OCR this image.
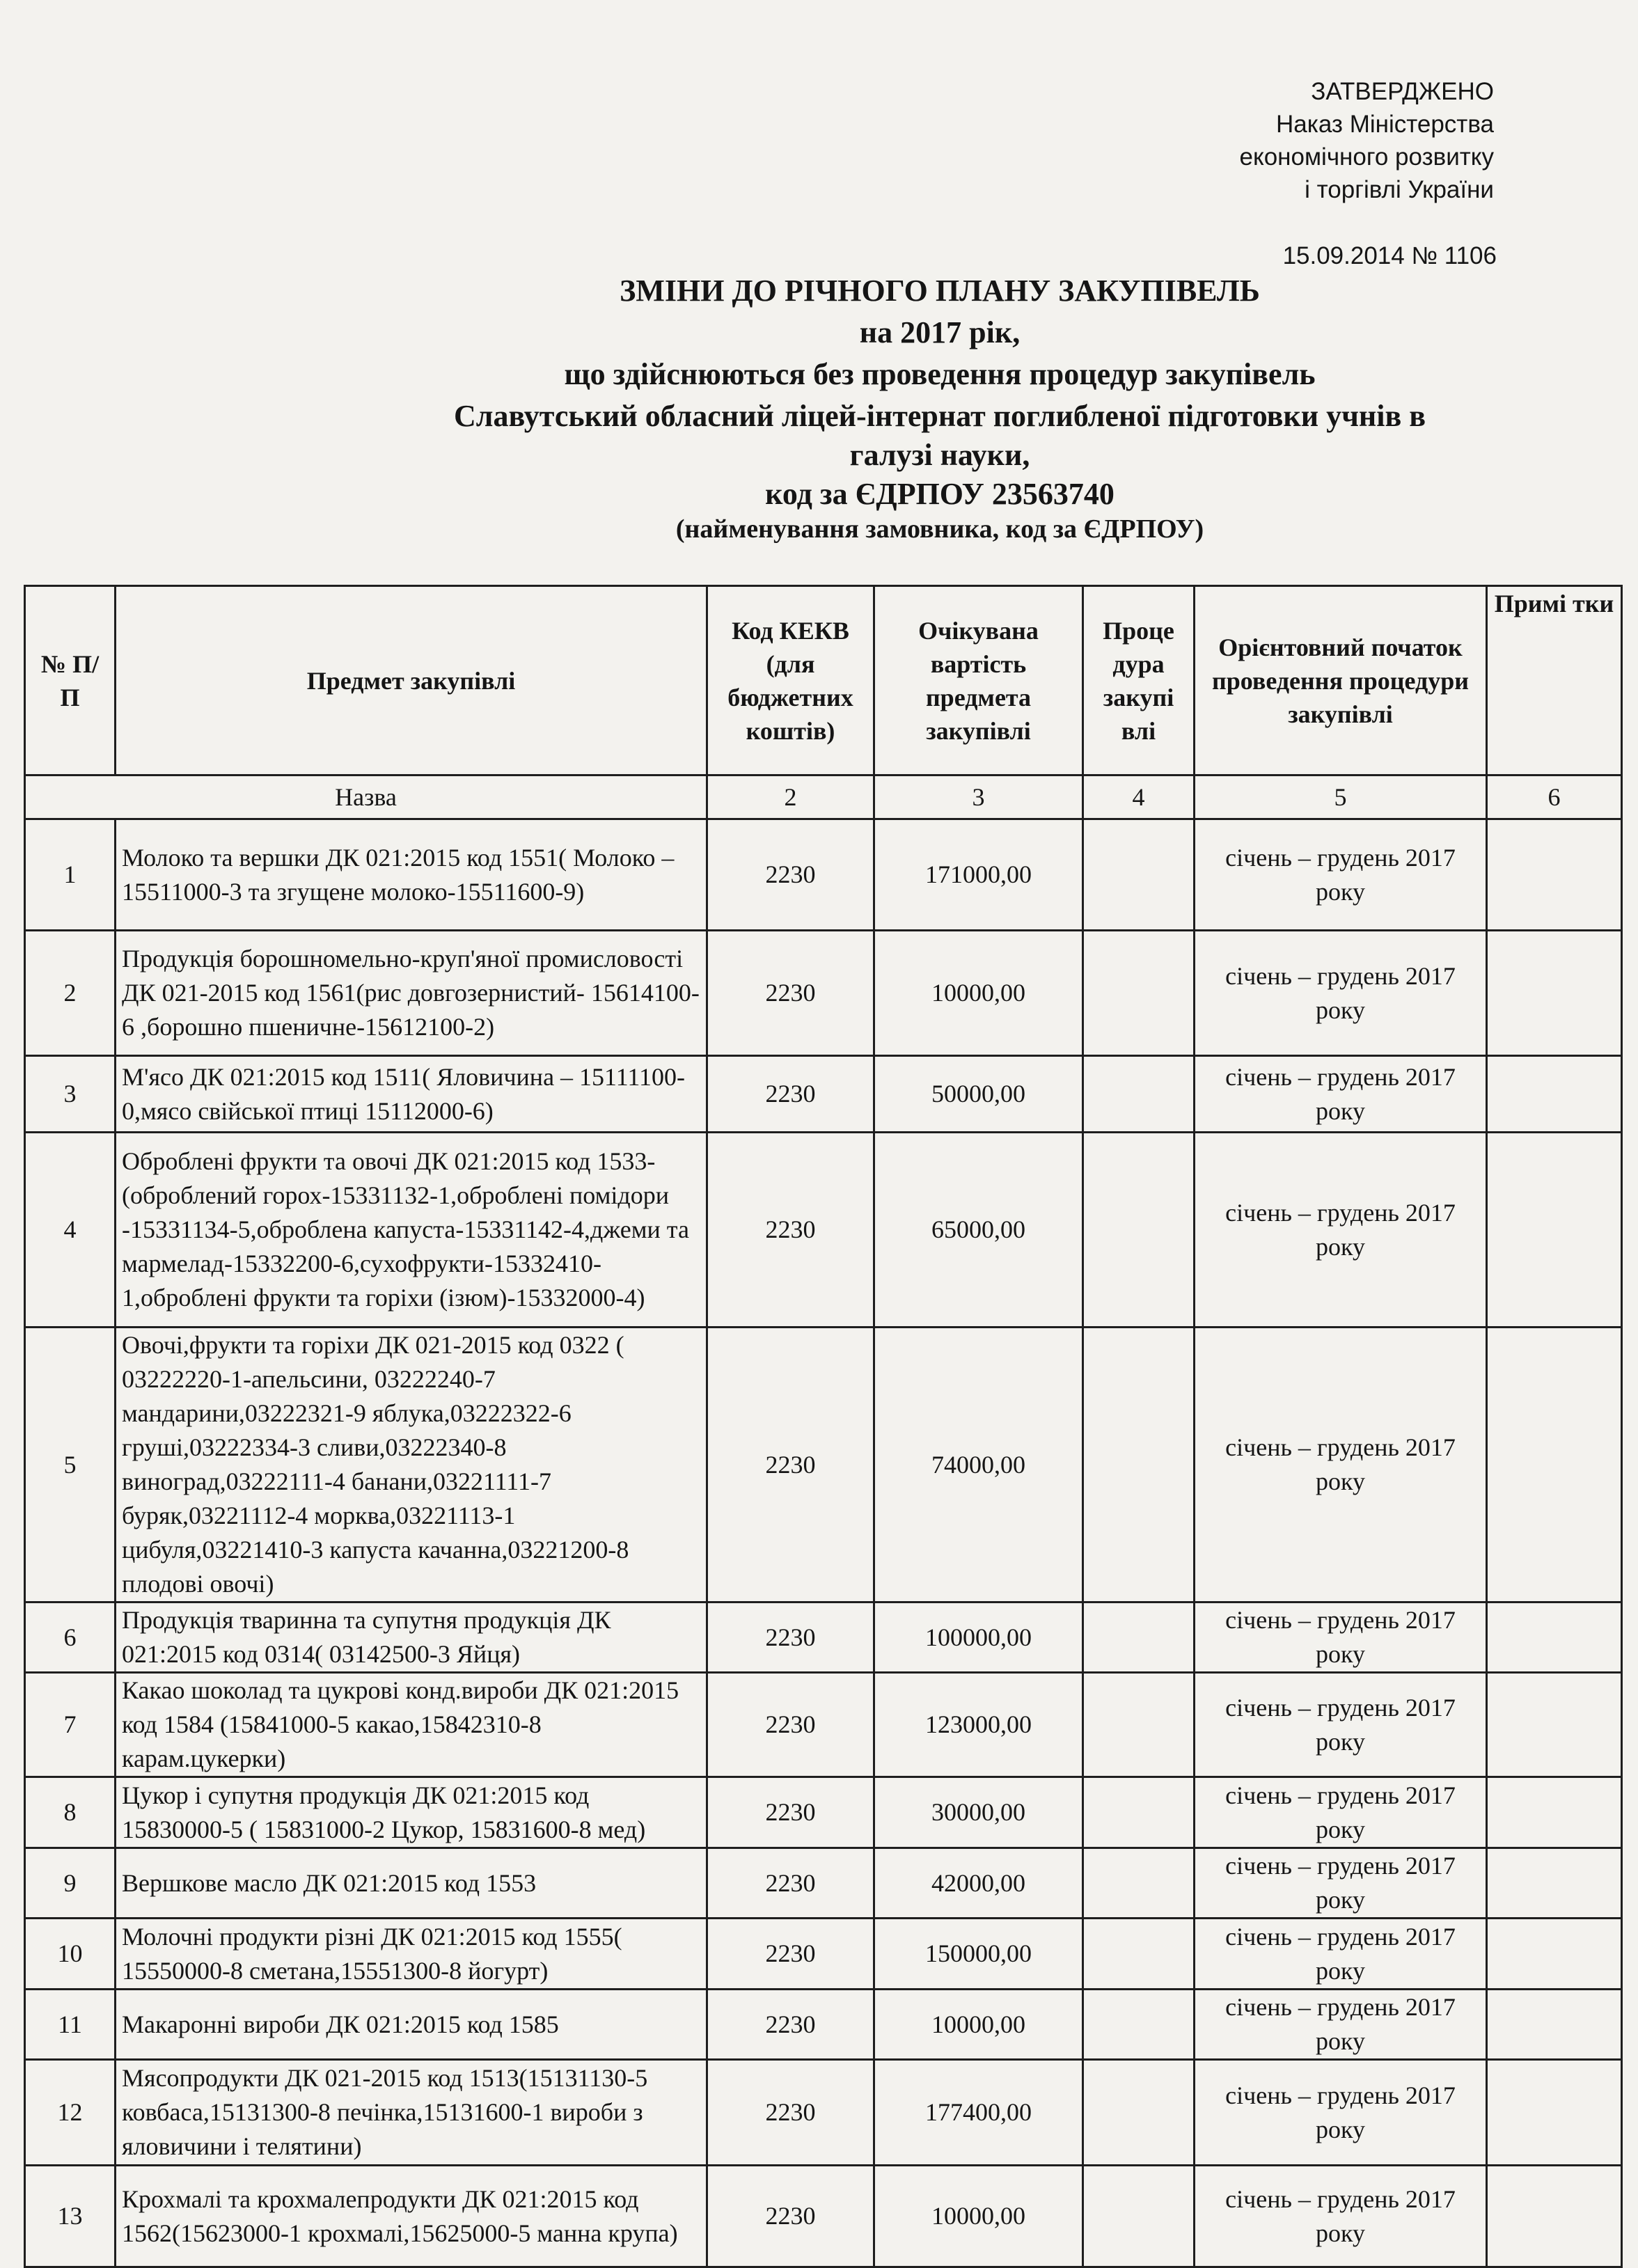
ЗАТВЕРДЖЕНО
Наказ Міністерства
економічного розвитку
і торгівлі України
15.09.2014 № 1106
ЗМІНИ ДО РІЧНОГО ПЛАНУ ЗАКУПІВЕЛЬ
на 2017 рік,
що здійснюються без проведення процедур закупівель
Славутський обласний ліцей-інтернат поглибленої підготовки учнів в
галузі науки,
код за ЄДРПОУ 23563740
(найменування замовника, код за ЄДРПОУ)
№ П/П	Предмет закупівлі	Код КЕКВ (для бюджетних коштів)	Очікувана вартість предмета закупівлі	Проце дура закупі влі	Орієнтовний початок проведення процедури закупівлі	Примі тки
Назва		2	3	4	5	6
1	Молоко та вершки ДК 021:2015 код 1551( Молоко – 15511000-3 та згущене молоко-15511600-9)	2230	171000,00		січень – грудень 2017 року	
2	Продукція борошномельно-круп'яної промисловості ДК 021-2015 код 1561(рис довгозернистий- 15614100-6 ,борошно пшеничне-15612100-2)	2230	10000,00		січень – грудень 2017 року	
3	М'ясо ДК 021:2015 код 1511( Яловичина – 15111100-0,мясо свійської птиці 15112000-6)	2230	50000,00		січень – грудень 2017 року	
4	Оброблені фрукти та овочі ДК 021:2015 код 1533-(оброблений горох-15331132-1,оброблені помідори -15331134-5,оброблена капуста-15331142-4,джеми та мармелад-15332200-6,сухофрукти-15332410-1,оброблені фрукти та горіхи (ізюм)-15332000-4)	2230	65000,00		січень – грудень 2017 року	
5	Овочі,фрукти та горіхи ДК 021-2015 код 0322 ( 03222220-1-апельсини, 03222240-7 мандарини,03222321-9 яблука,03222322-6 груші,03222334-3 сливи,03222340-8 виноград,03222111-4 банани,03221111-7 буряк,03221112-4 морква,03221113-1 цибуля,03221410-3 капуста качанна,03221200-8 плодові овочі)	2230	74000,00		січень – грудень 2017 року	
6	Продукція тваринна та супутня продукція ДК 021:2015 код 0314( 03142500-3 Яйця)	2230	100000,00		січень – грудень 2017 року	
7	Какао шоколад та цукрові конд.вироби ДК 021:2015 код 1584 (15841000-5 какао,15842310-8 карам.цукерки)	2230	123000,00		січень – грудень 2017 року	
8	Цукор і супутня продукція ДК 021:2015 код 15830000-5 ( 15831000-2 Цукор, 15831600-8 мед)	2230	30000,00		січень – грудень 2017 року	
9	Вершкове масло ДК 021:2015 код 1553	2230	42000,00		січень – грудень 2017 року	
10	Молочні продукти різні ДК 021:2015 код 1555( 15550000-8 сметана,15551300-8 йогурт)	2230	150000,00		січень – грудень 2017 року	
11	Макаронні вироби ДК 021:2015 код 1585	2230	10000,00		січень – грудень 2017 року	
12	Мясопродукти ДК 021-2015 код 1513(15131130-5 ковбаса,15131300-8 печінка,15131600-1 вироби з яловичини і телятини)	2230	177400,00		січень – грудень 2017 року	
13	Крохмалі та крохмалепродукти ДК 021:2015 код 1562(15623000-1 крохмалі,15625000-5 манна крупа)	2230	10000,00		січень – грудень 2017 року	
